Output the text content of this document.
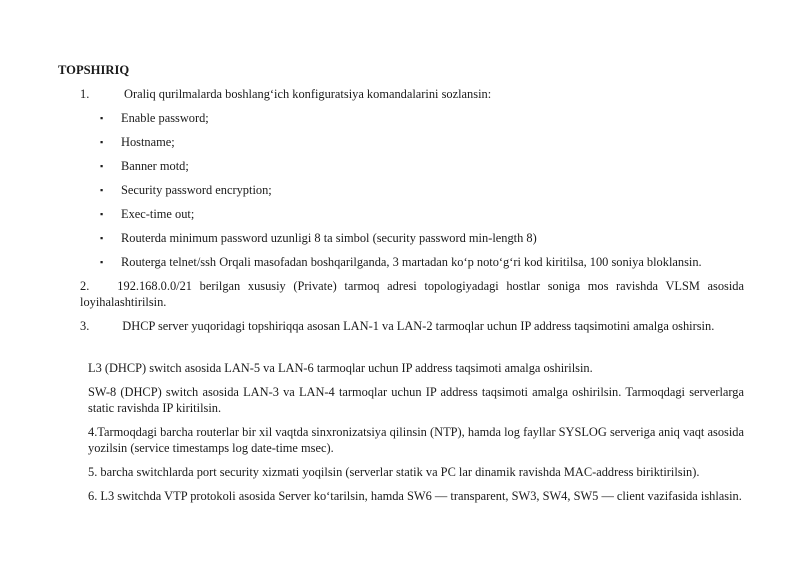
TOPSHIRIQ
1.	Oraliq qurilmalarda boshlang‘ich konfiguratsiya komandalarini sozlansin:
▪ Enable password;
▪ Hostname;
▪ Banner motd;
▪ Security password encryption;
▪ Exec-time out;
▪ Routerda minimum password uzunligi 8 ta simbol (security password min-length 8)
▪ Routerga telnet/ssh Orqali masofadan boshqarilganda, 3 martadan ko‘p noto‘g‘ri kod kiritilsa, 100 soniya bloklansin.
2. 192.168.0.0/21 berilgan xususiy (Private) tarmoq adresi topologiyadagi hostlar soniga mos ravishda VLSM asosida loyihalashtirilsin.
3.	DHCP server yuqoridagi topshiriqqa asosan LAN-1 va LAN-2 tarmoqlar uchun IP address taqsimotini amalga oshirsin.
L3 (DHCP) switch asosida LAN-5 va LAN-6 tarmoqlar uchun IP address taqsimoti amalga oshirilsin.
SW-8 (DHCP) switch asosida LAN-3 va LAN-4 tarmoqlar uchun IP address taqsimoti amalga oshirilsin. Tarmoqdagi serverlarga static ravishda IP kiritilsin.
4.Tarmoqdagi barcha routerlar bir xil vaqtda sinxronizatsiya qilinsin (NTP), hamda log fayllar SYSLOG serveriga aniq vaqt asosida yozilsin (service timestamps log date-time msec).
5. barcha switchlarda port security xizmati yoqilsin (serverlar statik va PC lar dinamik ravishda MAC-address biriktirilsin).
6. L3 switchda VTP protokoli asosida Server ko‘tarilsin, hamda SW6 — transparent, SW3, SW4, SW5 — client vazifasida ishlasin.
